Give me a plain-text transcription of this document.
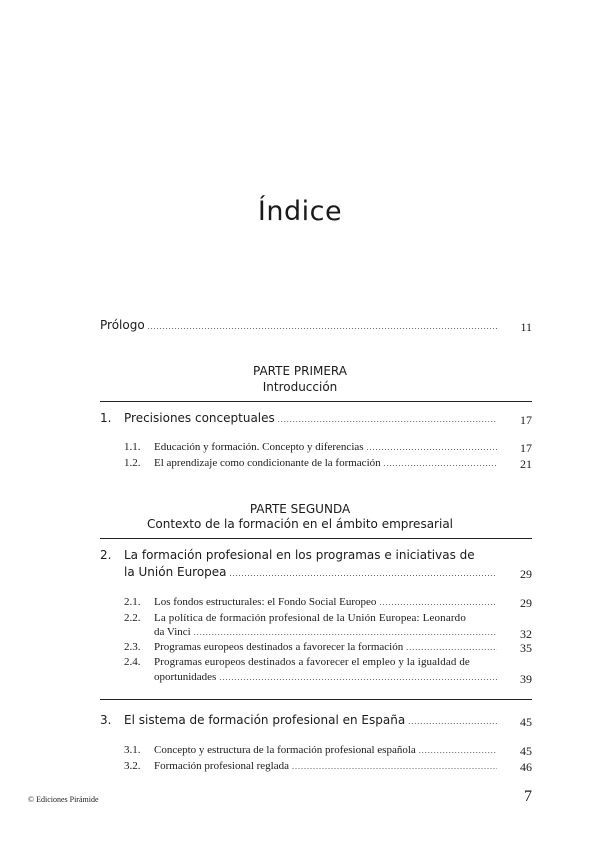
Índice
Prólogo .....	11
PARTE PRIMERA
Introducción
1.	Precisiones conceptuales .....	17
1.1.	Educación y formación. Concepto y diferencias .....	17
1.2.	El aprendizaje como condicionante de la formación .....	21
PARTE SEGUNDA
Contexto de la formación en el ámbito empresarial
2.	La formación profesional en los programas e iniciativas de
la Unión Europea .....	29
2.1.	Los fondos estructurales: el Fondo Social Europeo .....	29
2.2.	La política de formación profesional de la Unión Europea: Leonardo
da Vinci .....	32
2.3.	Programas europeos destinados a favorecer la formación .....	35
2.4.	Programas europeos destinados a favorecer el empleo y la igualdad de
oportunidades .....	39
3.	El sistema de formación profesional en España .....	45
3.1.	Concepto y estructura de la formación profesional española .....	45
3.2.	Formación profesional reglada .....	46
© Ediciones Pirámide	7
